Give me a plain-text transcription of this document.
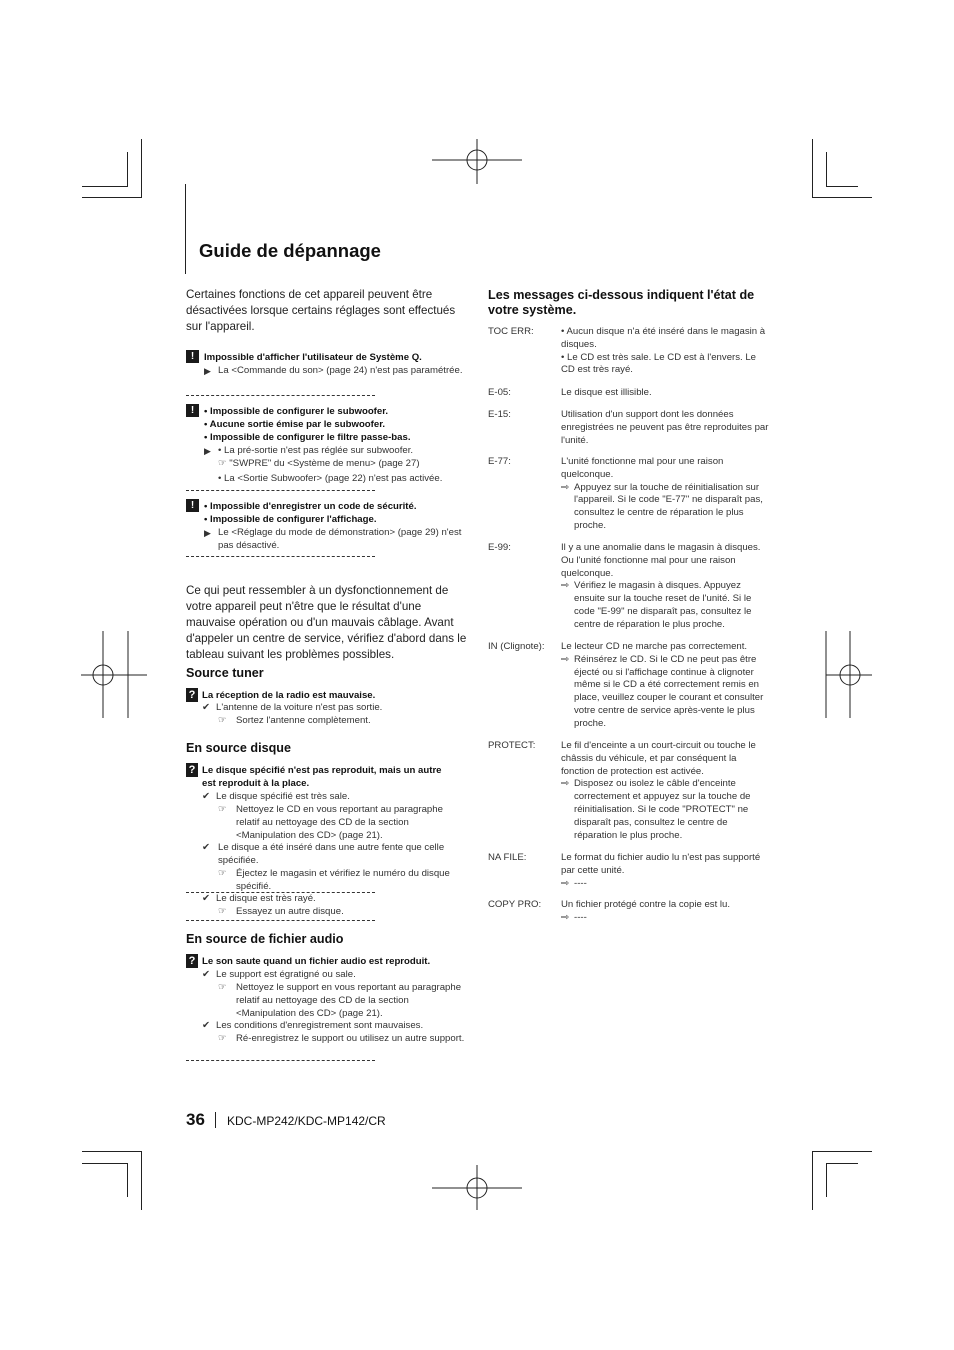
Guide de dépannage
Certaines fonctions de cet appareil peuvent être désactivées lorsque certains réglages sont effectués sur l'appareil.
!	Impossible d'afficher l'utilisateur de Système Q.
▶ La <Commande du son> (page 24) n'est pas paramétrée.
!	• Impossible de configurer le subwoofer.
• Aucune sortie émise par le subwoofer.
• Impossible de configurer le filtre passe-bas.
▶ • La pré-sortie n'est pas réglée sur subwoofer.
☞ "SWPRE" du <Système de menu> (page 27)
• La <Sortie Subwoofer> (page 22) n'est pas activée.
!	• Impossible d'enregistrer un code de sécurité.
• Impossible de configurer l'affichage.
▶ Le <Réglage du mode de démonstration> (page 29) n'est pas désactivé.
Ce qui peut ressembler à un dysfonctionnement de votre appareil peut n'être que le résultat d'une mauvaise opération ou d'un mauvais câblage. Avant d'appeler un centre de service, vérifiez d'abord dans le tableau suivant les problèmes possibles.
Source tuner
? La réception de la radio est mauvaise.
✔ L'antenne de la voiture n'est pas sortie.
☞ Sortez l'antenne complètement.
En source disque
? Le disque spécifié n'est pas reproduit, mais un autre est reproduit à la place.
✔ Le disque spécifié est très sale.
☞ Nettoyez le CD en vous reportant au paragraphe relatif au nettoyage des CD de la section <Manipulation des CD> (page 21).
✔ Le disque a été inséré dans une autre fente que celle spécifiée.
☞ Éjectez le magasin et vérifiez le numéro du disque spécifié.
✔ Le disque est très rayé.
☞ Essayez un autre disque.
En source de fichier audio
? Le son saute quand un fichier audio est reproduit.
✔ Le support est égratigné ou sale.
☞ Nettoyez le support en vous reportant au paragraphe relatif au nettoyage des CD de la section <Manipulation des CD> (page 21).
✔ Les conditions d'enregistrement sont mauvaises.
☞ Ré-enregistrez le support ou utilisez un autre support.
Les messages ci-dessous indiquent l'état de votre système.
TOC ERR:	• Aucun disque n'a été inséré dans le magasin à disques.
• Le CD est très sale. Le CD est à l'envers. Le CD est très rayé.
E-05:	Le disque est illisible.
E-15:	Utilisation d'un support dont les données enregistrées ne peuvent pas être reproduites par l'unité.
E-77:	L'unité fonctionne mal pour une raison quelconque.
⇨ Appuyez sur la touche de réinitialisation sur l'appareil. Si le code "E-77" ne disparaît pas, consultez le centre de réparation le plus proche.
E-99:	Il y a une anomalie dans le magasin à disques. Ou l'unité fonctionne mal pour une raison quelconque.
⇨ Vérifiez le magasin à disques. Appuyez ensuite sur la touche reset de l'unité. Si le code "E-99" ne disparaît pas, consultez le centre de réparation le plus proche.
IN (Clignote): Le lecteur CD ne marche pas correctement.
⇨ Réinsérez le CD. Si le CD ne peut pas être éjecté ou si l'affichage continue à clignoter même si le CD a été correctement remis en place, veuillez couper le courant et consulter votre centre de service après-vente le plus proche.
PROTECT:	Le fil d'enceinte a un court-circuit ou touche le châssis du véhicule, et par conséquent la fonction de protection est activée.
⇨ Disposez ou isolez le câble d'enceinte correctement et appuyez sur la touche de réinitialisation. Si le code "PROTECT" ne disparaît pas, consultez le centre de réparation le plus proche.
NA FILE:	Le format du fichier audio lu n'est pas supporté par cette unité.
⇨ ----
COPY PRO: Un fichier protégé contre la copie est lu.
⇨ ----
36 KDC-MP242/KDC-MP142/CR
